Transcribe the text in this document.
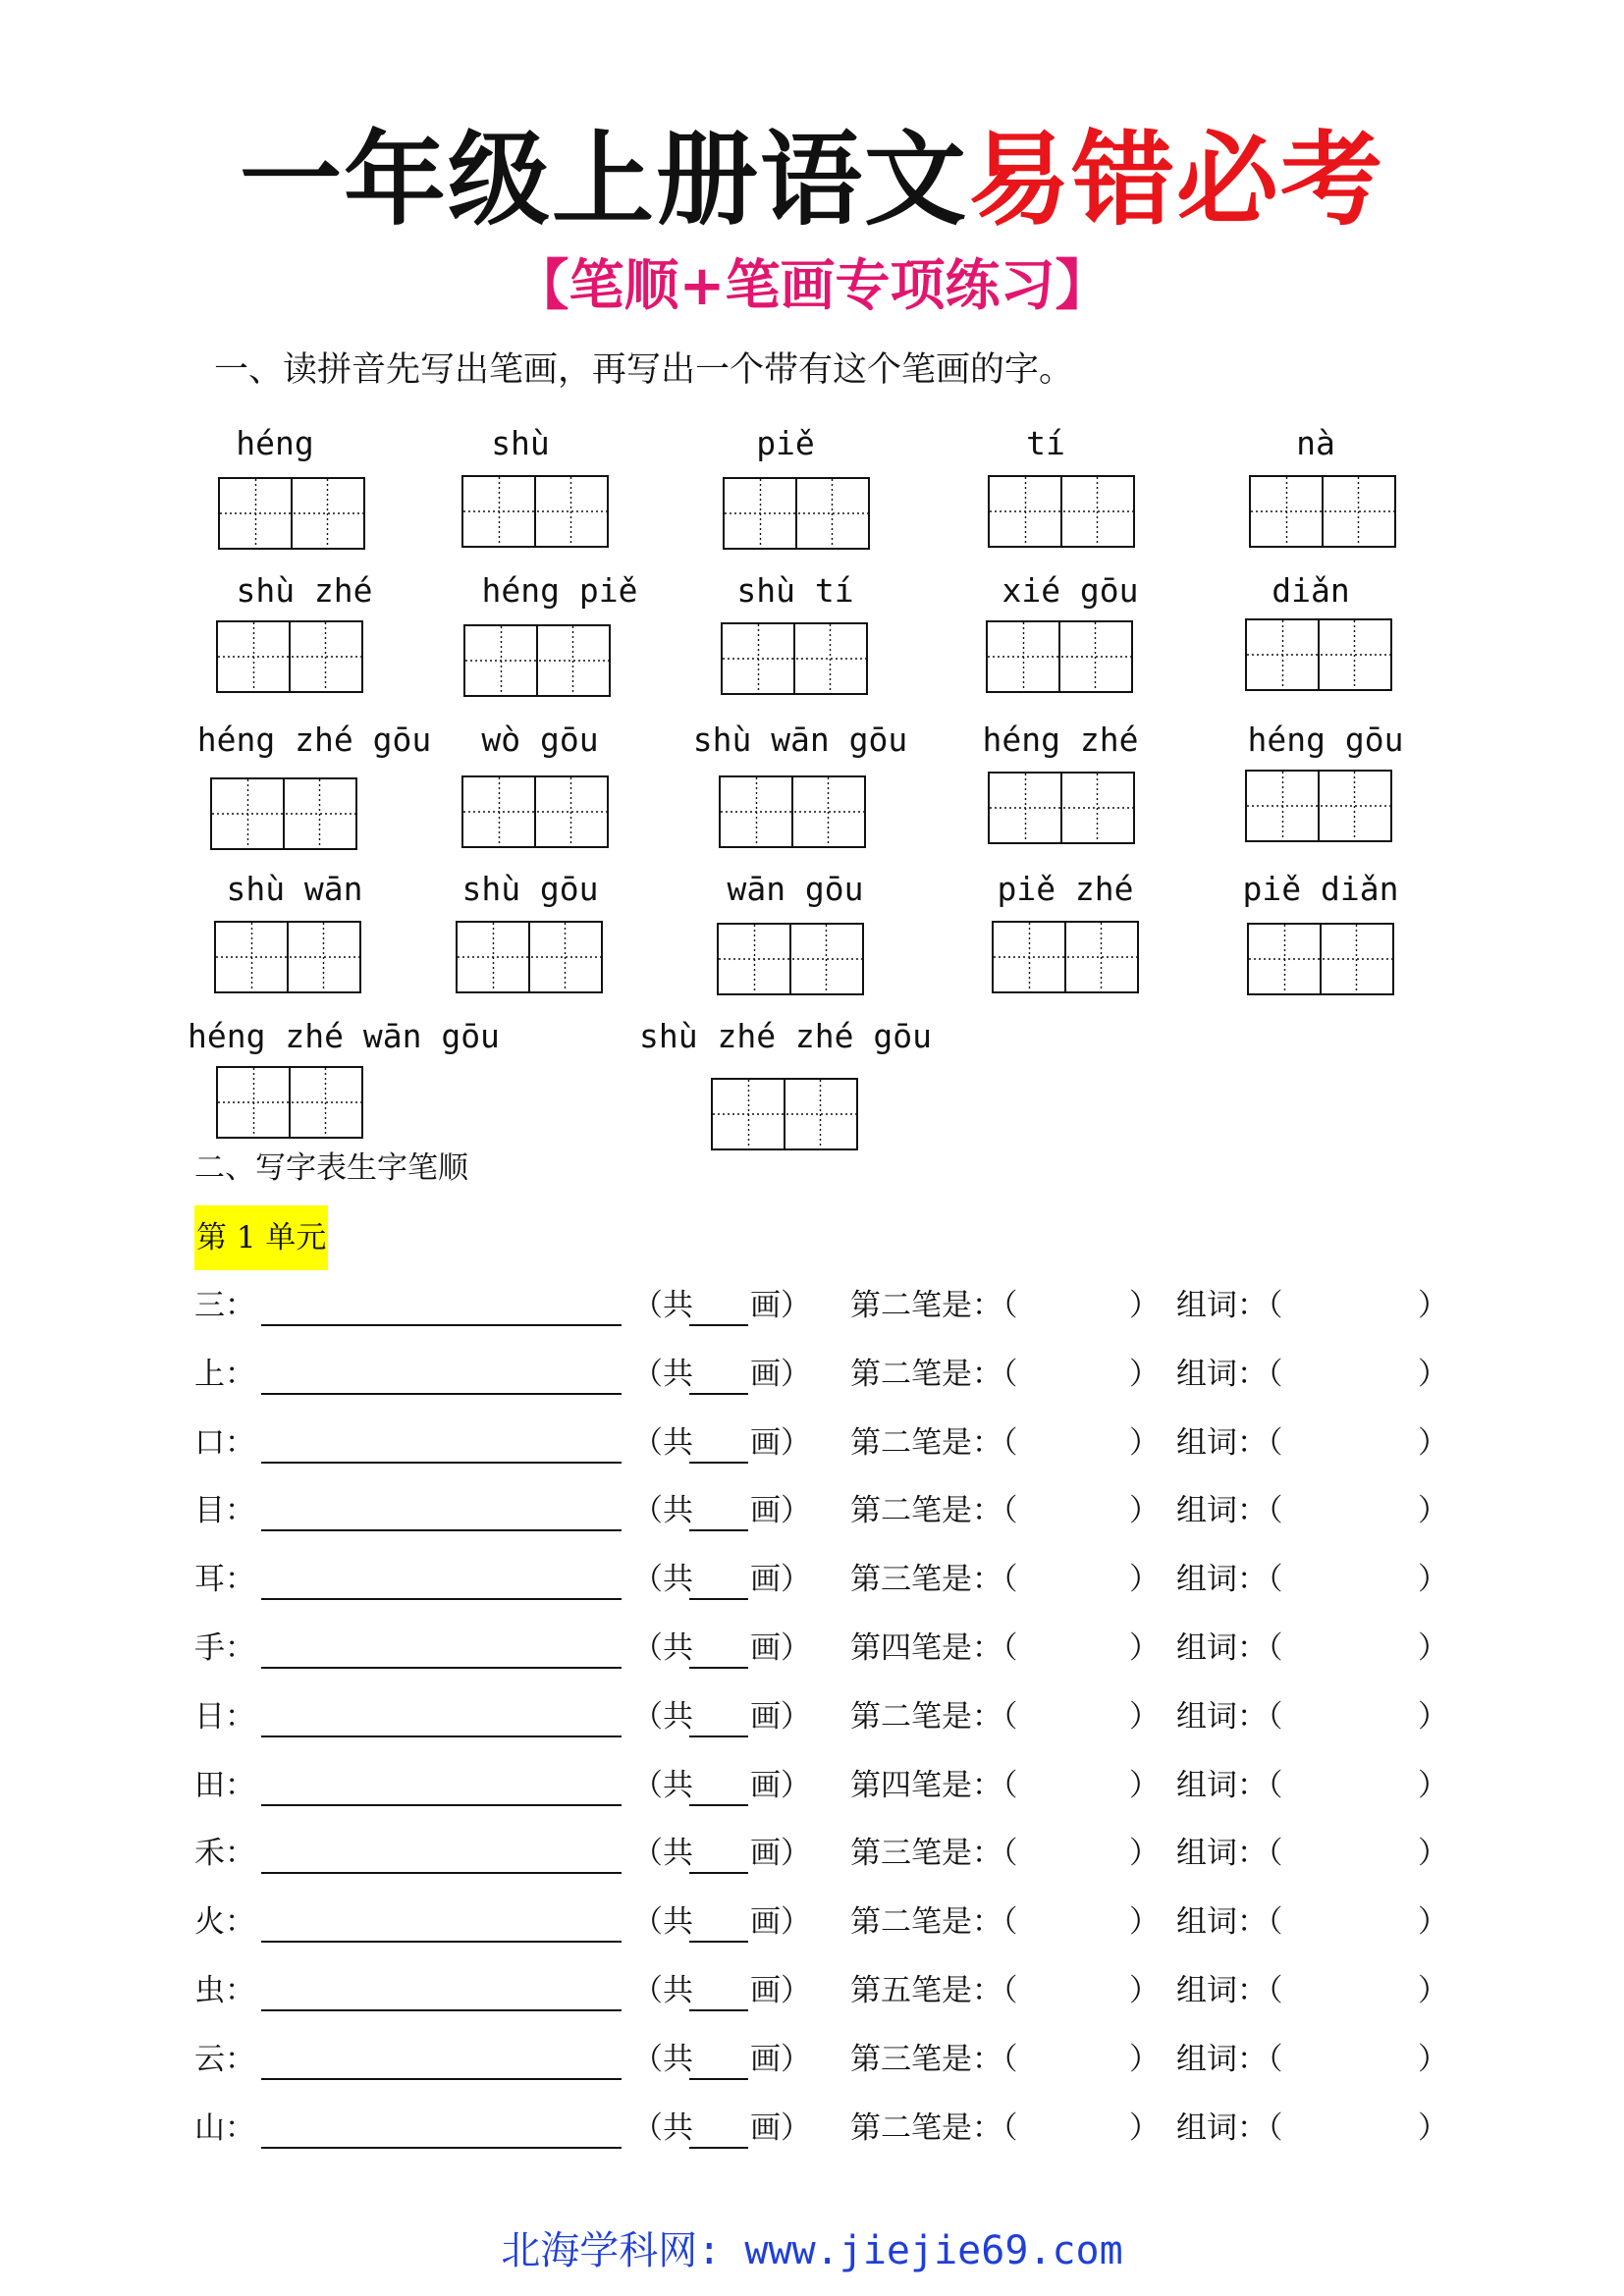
一年级上册语文易错必考
【笔顺+笔画专项练习】
一、读拼音先写出笔画，再写出一个带有这个笔画的字。
héng	shù	piě	tí	nà
shù zhé	héng piě	shù tí	xié gōu	diǎn
héng zhé gōu	wò gōu	shù wān gōu	héng zhé	héng gōu
shù wān	shù gōu	wān gōu	piě zhé	piě diǎn
héng zhé wān gōu	shù zhé zhé gōu
二、写字表生字笔顺
第 1 单元
三：	（共 画） 第二笔是：（	） 组词：（	）
上：	（共 画） 第二笔是：（	） 组词：（	）
口：	（共 画） 第二笔是：（	） 组词：（	）
目：	（共 画） 第二笔是：（	） 组词：（	）
耳：	（共 画） 第三笔是：（	） 组词：（	）
手：	（共 画） 第四笔是：（	） 组词：（	）
日：	（共 画） 第二笔是：（	） 组词：（	）
田：	（共 画） 第四笔是：（	） 组词：（	）
禾：	（共 画） 第三笔是：（	） 组词：（	）
火：	（共 画） 第二笔是：（	） 组词：（	）
虫：	（共 画） 第五笔是：（	） 组词：（	）
云：	（共 画） 第三笔是：（	） 组词：（	）
山：	（共 画） 第二笔是：（	） 组词：（	）
北海学科网: www.jiejie69.com
